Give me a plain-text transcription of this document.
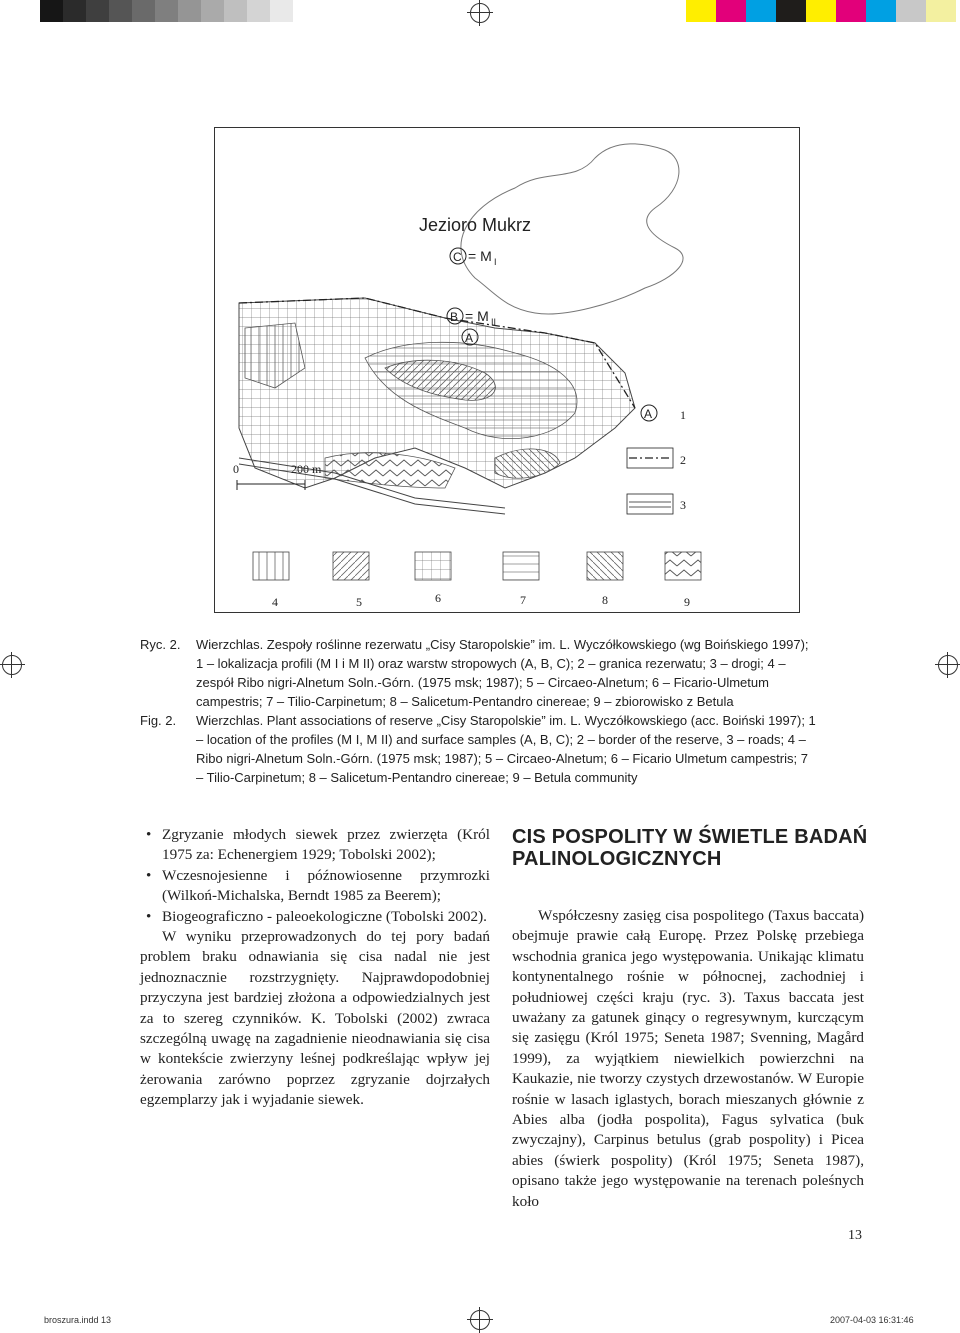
Jezioro Mukrz
C = M I
B = M II
A
0	200 m
A 1
2
3
4	5	6	7	8	9
Ryc. 2. Wierzchlas. Zespoły roślinne rezerwatu „Cisy Staropolskie” im. L. Wyczółkowskiego (wg Boińskiego 1997); 1 – lokalizacja profili (M I i M II) oraz warstw stropowych (A, B, C); 2 – granica rezerwatu; 3 – drogi; 4 – zespół Ribo nigri-Alnetum Soln.-Górn. (1975 msk; 1987); 5 – Circaeo-Alnetum; 6 – Ficario-Ulmetum campestris; 7 – Tilio-Carpinetum; 8 – Salicetum-Pentandro cinereae; 9 – zbiorowisko z Betula
Fig. 2. Wierzchlas. Plant associations of reserve „Cisy Staropolskie” im. L. Wyczółkowskiego (acc. Boiński 1997); 1 – location of the profiles (M I, M II) and surface samples (A, B, C); 2 – border of the reserve, 3 – roads; 4 – Ribo nigri-Alnetum Soln.-Górn. (1975 msk; 1987); 5 – Circaeo-Alnetum; 6 – Ficario Ulmetum campestris; 7 – Tilio-Carpinetum; 8 – Salicetum-Pentandro cinereae; 9 – Betula community
• Zgryzanie młodych siewek przez zwierzęta (Król 1975 za: Echenergiem 1929; Tobolski 2002);
• Wczesnojesienne i późnowiosenne przymrozki (Wilkoń-Michalska, Berndt 1985 za Beerem);
• Biogeograficzno - paleoekologiczne (Tobolski 2002).
W wyniku przeprowadzonych do tej pory badań problem braku odnawiania się cisa nadal nie jest jednoznacznie rozstrzygnięty. Najprawdopodobniej przyczyna jest bardziej złożona a odpowiedzialnych jest za to szereg czynników. K. Tobolski (2002) zwraca szczególną uwagę na zagadnienie nieodnawiania się cisa w kontekście zwierzyny leśnej podkreślając wpływ jej żerowania zarówno poprzez zgryzanie dojrzałych egzemplarzy jak i wyjadanie siewek.
CIS POSPOLITY W ŚWIETLE BADAŃ
PALINOLOGICZNYCH
Współczesny zasięg cisa pospolitego (Taxus baccata) obejmuje prawie całą Europę. Przez Polskę przebiega wschodnia granica jego występowania. Unikając klimatu kontynentalnego rośnie w północnej, zachodniej i południowej części kraju (ryc. 3). Taxus baccata jest uważany za gatunek ginący o regresywnym, kurczącym się zasięgu (Król 1975; Seneta 1987; Svenning, Magård 1999), za wyjątkiem niewielkich powierzchni na Kaukazie, nie tworzy czystych drzewostanów. W Europie rośnie w lasach iglastych, borach mieszanych głównie z Abies alba (jodła pospolita), Fagus sylvatica (buk zwyczajny), Carpinus betulus (grab pospolity) i Picea abies (świerk pospolity) (Król 1975; Seneta 1987), opisano także jego występowanie na terenach poleśnych koło
13
broszura.indd 13	2007-04-03 16:31:46
